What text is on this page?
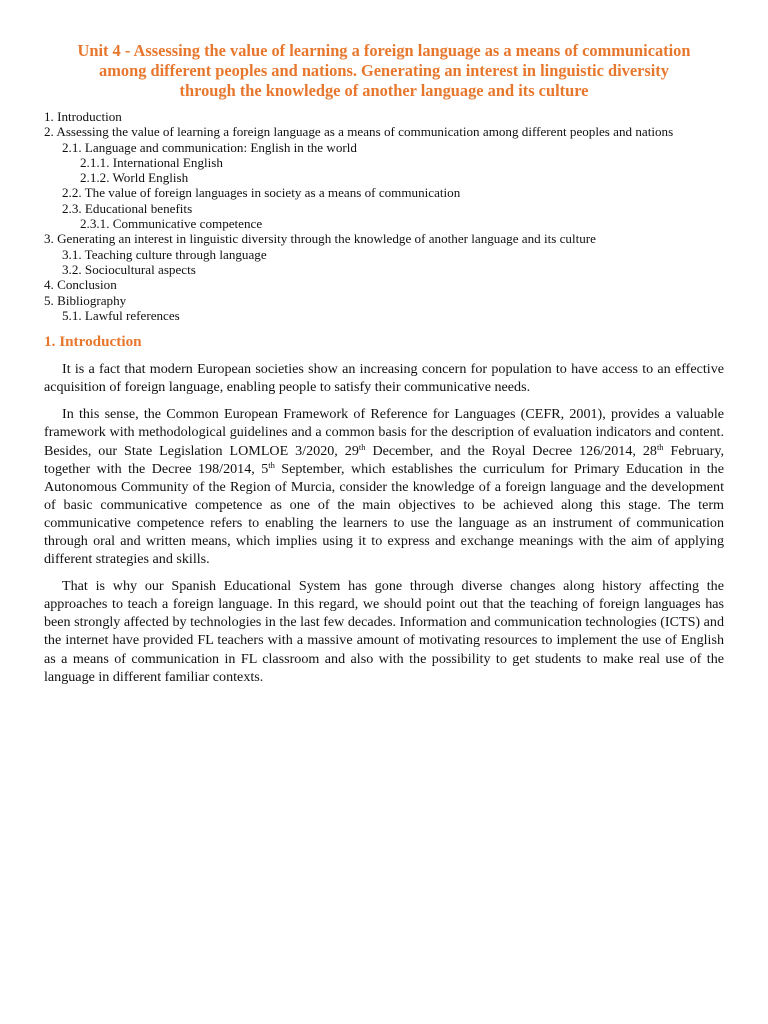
Unit 4 - Assessing the value of learning a foreign language as a means of communication
among different peoples and nations. Generating an interest in linguistic diversity
through the knowledge of another language and its culture
1. Introduction
2. Assessing the value of learning a foreign language as a means of communication among different peoples and nations
2.1. Language and communication: English in the world
2.1.1. International English
2.1.2. World English
2.2. The value of foreign languages in society as a means of communication
2.3. Educational benefits
2.3.1. Communicative competence
3. Generating an interest in linguistic diversity through the knowledge of another language and its culture
3.1. Teaching culture through language
3.2. Sociocultural aspects
4. Conclusion
5. Bibliography
5.1. Lawful references
1. Introduction

It is a fact that modern European societies show an increasing concern for population to have access to an effective acquisition of foreign language, enabling people to satisfy their communicative needs.

In this sense, the Common European Framework of Reference for Languages (CEFR, 2001), provides a valuable framework with methodological guidelines and a common basis for the description of evaluation indicators and content. Besides, our State Legislation LOMLOE 3/2020, 29th December, and the Royal Decree 126/2014, 28th February, together with the Decree 198/2014, 5th September, which establishes the curriculum for Primary Education in the Autonomous Community of the Region of Murcia, consider the knowledge of a foreign language and the development of basic communicative competence as one of the main objectives to be achieved along this stage. The term communicative competence refers to enabling the learners to use the language as an instrument of communication through oral and written means, which implies using it to express and exchange meanings with the aim of applying different strategies and skills.

That is why our Spanish Educational System has gone through diverse changes along history affecting the approaches to teach a foreign language. In this regard, we should point out that the teaching of foreign languages has been strongly affected by technologies in the last few decades. Information and communication technologies (ICTS) and the internet have provided FL teachers with a massive amount of motivating resources to implement the use of English as a means of communication in FL classroom and also with the possibility to get students to make real use of the language in different familiar contexts.
